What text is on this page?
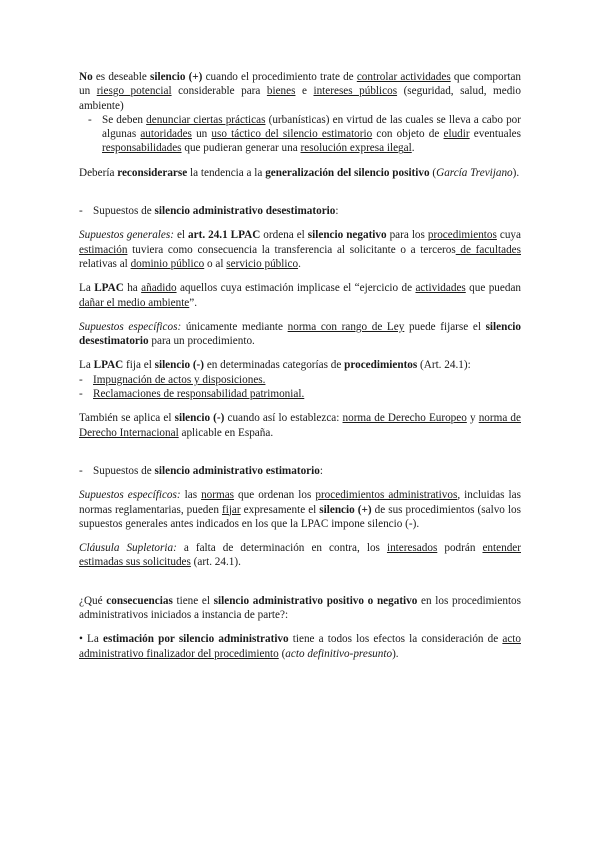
No es deseable silencio (+) cuando el procedimiento trate de controlar actividades que comportan un riesgo potencial considerable para bienes e intereses públicos (seguridad, salud, medio ambiente)

- Se deben denunciar ciertas prácticas (urbanísticas) en virtud de las cuales se lleva a cabo por algunas autoridades un uso táctico del silencio estimatorio con objeto de eludir eventuales responsabilidades que pudieran generar una resolución expresa ilegal.

Debería reconsiderarse la tendencia a la generalización del silencio positivo (García Trevijano).

- Supuestos de silencio administrativo desestimatorio:

Supuestos generales: el art. 24.1 LPAC ordena el silencio negativo para los procedimientos cuya estimación tuviera como consecuencia la transferencia al solicitante o a terceros de facultades relativas al dominio público o al servicio público.

La LPAC ha añadido aquellos cuya estimación implicase el “ejercicio de actividades que puedan dañar el medio ambiente”.

Supuestos específicos: únicamente mediante norma con rango de Ley puede fijarse el silencio desestimatorio para un procedimiento.

La LPAC fija el silencio (-) en determinadas categorías de procedimientos (Art. 24.1):

- Impugnación de actos y disposiciones.
- Reclamaciones de responsabilidad patrimonial.

También se aplica el silencio (-) cuando así lo establezca: norma de Derecho Europeo y norma de Derecho Internacional aplicable en España.

- Supuestos de silencio administrativo estimatorio:

Supuestos específicos: las normas que ordenan los procedimientos administrativos, incluidas las normas reglamentarias, pueden fijar expresamente el silencio (+) de sus procedimientos (salvo los supuestos generales antes indicados en los que la LPAC impone silencio (-).

Cláusula Supletoria: a falta de determinación en contra, los interesados podrán entender estimadas sus solicitudes (art. 24.1).

¿Qué consecuencias tiene el silencio administrativo positivo o negativo en los procedimientos administrativos iniciados a instancia de parte?:

• La estimación por silencio administrativo tiene a todos los efectos la consideración de acto administrativo finalizador del procedimiento (acto definitivo-presunto).
